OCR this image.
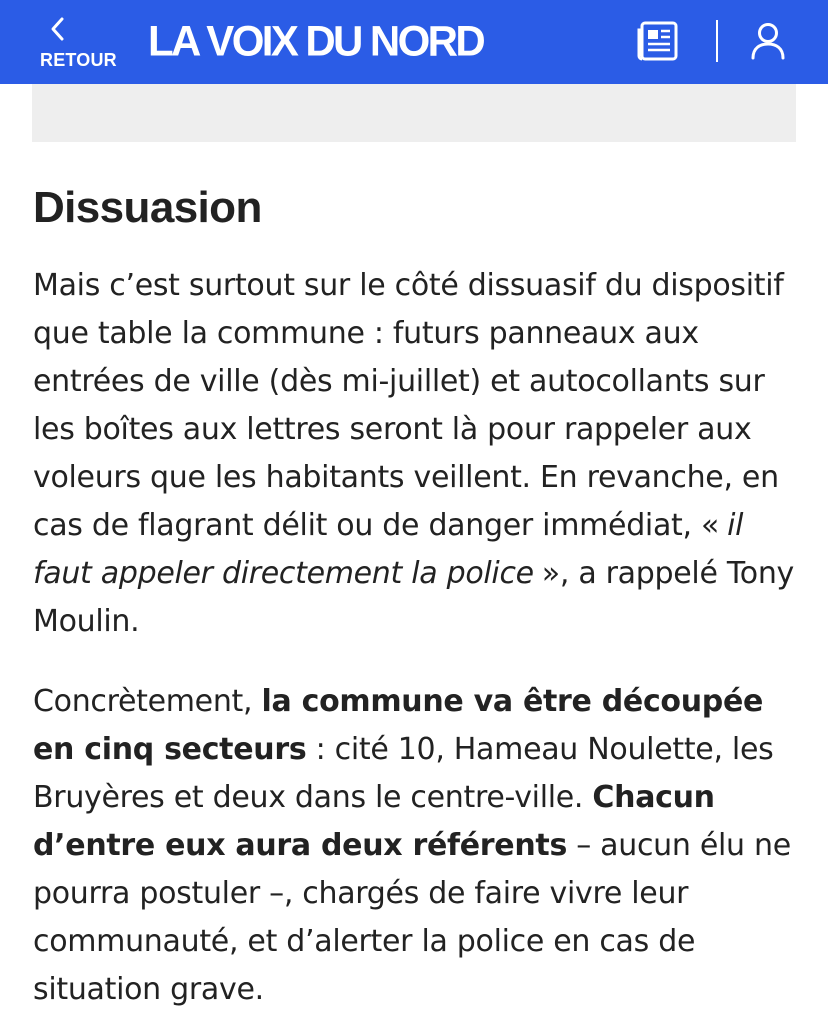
RETOUR LA VOIX DU NORD
Dissuasion

Mais c’est surtout sur le côté dissuasif du dispositif que table la commune : futurs panneaux aux entrées de ville (dès mi-juillet) et autocollants sur les boîtes aux lettres seront là pour rappeler aux voleurs que les habitants veillent. En revanche, en cas de flagrant délit ou de danger immédiat, « il faut appeler directement la police », a rappelé Tony Moulin.

Concrètement, la commune va être découpée en cinq secteurs : cité 10, Hameau Noulette, les Bruyères et deux dans le centre-ville. Chacun d’entre eux aura deux référents – aucun élu ne pourra postuler –, chargés de faire vivre leur communauté, et d’alerter la police en cas de situation grave.
